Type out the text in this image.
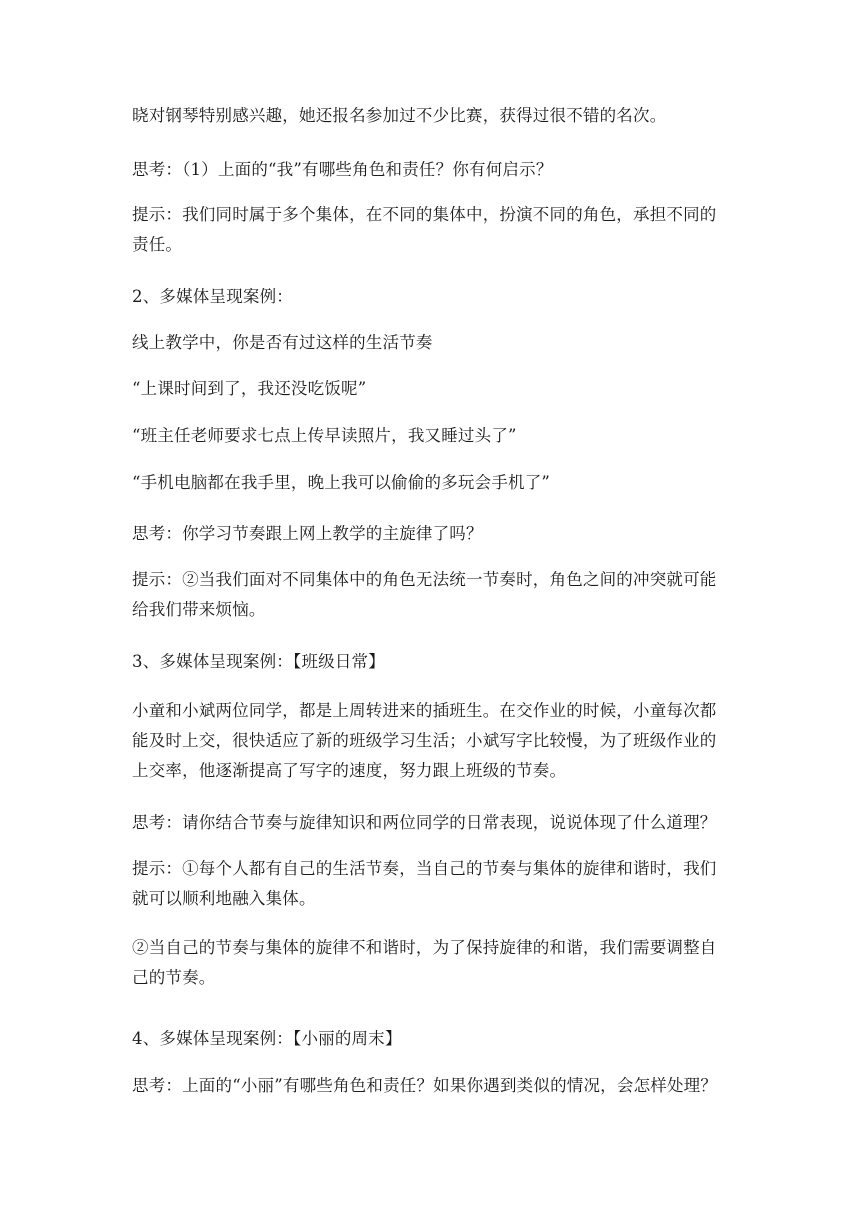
晓对钢琴特别感兴趣，她还报名参加过不少比赛，获得过很不错的名次。

思考：（1）上面的“我”有哪些角色和责任？你有何启示？

提示：我们同时属于多个集体，在不同的集体中，扮演不同的角色，承担不同的责任。

2、多媒体呈现案例：

线上教学中，你是否有过这样的生活节奏

“上课时间到了，我还没吃饭呢”

“班主任老师要求七点上传早读照片，我又睡过头了”

“手机电脑都在我手里，晚上我可以偷偷的多玩会手机了”

思考：你学习节奏跟上网上教学的主旋律了吗？

提示：②当我们面对不同集体中的角色无法统一节奏时，角色之间的冲突就可能给我们带来烦恼。

3、多媒体呈现案例：【班级日常】

小童和小斌两位同学，都是上周转进来的插班生。在交作业的时候，小童每次都能及时上交，很快适应了新的班级学习生活；小斌写字比较慢，为了班级作业的上交率，他逐渐提高了写字的速度，努力跟上班级的节奏。

思考：请你结合节奏与旋律知识和两位同学的日常表现，说说体现了什么道理？

提示：①每个人都有自己的生活节奏，当自己的节奏与集体的旋律和谐时，我们就可以顺利地融入集体。

②当自己的节奏与集体的旋律不和谐时，为了保持旋律的和谐，我们需要调整自己的节奏。

4、多媒体呈现案例：【小丽的周末】

思考：上面的“小丽”有哪些角色和责任？如果你遇到类似的情况，会怎样处理？
